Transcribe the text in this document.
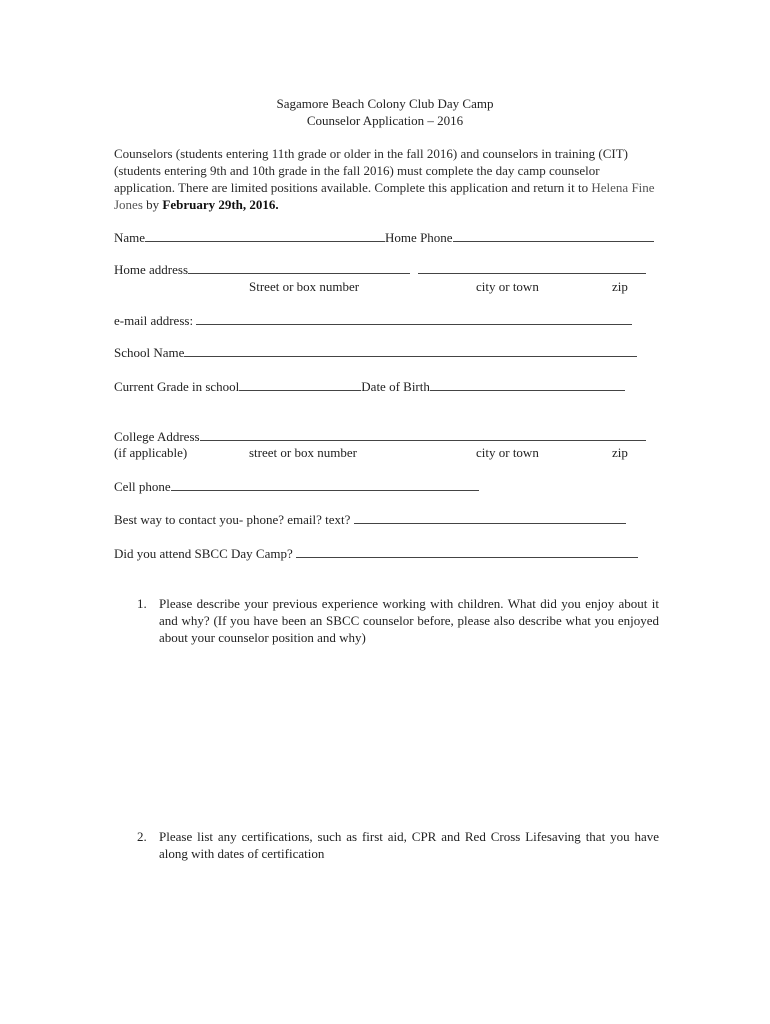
Sagamore Beach Colony Club Day Camp
Counselor Application – 2016
Counselors (students entering 11th grade or older in the fall 2016) and counselors in training (CIT) (students entering 9th and 10th grade in the fall 2016) must complete the day camp counselor application. There are limited positions available. Complete this application and return it to Helena Fine Jones by February 29th, 2016.
Name	Home Phone
Home address
Street or box number	city or town	zip
e-mail address:
School Name
Current Grade in school	Date of Birth
College Address
(if applicable)	street or box number	city or town	zip
Cell phone
Best way to contact you- phone? email? text?
Did you attend SBCC Day Camp?
1. Please describe your previous experience working with children. What did you enjoy about it and why? (If you have been an SBCC counselor before, please also describe what you enjoyed about your counselor position and why)
2. Please list any certifications, such as first aid, CPR and Red Cross Lifesaving that you have along with dates of certification
